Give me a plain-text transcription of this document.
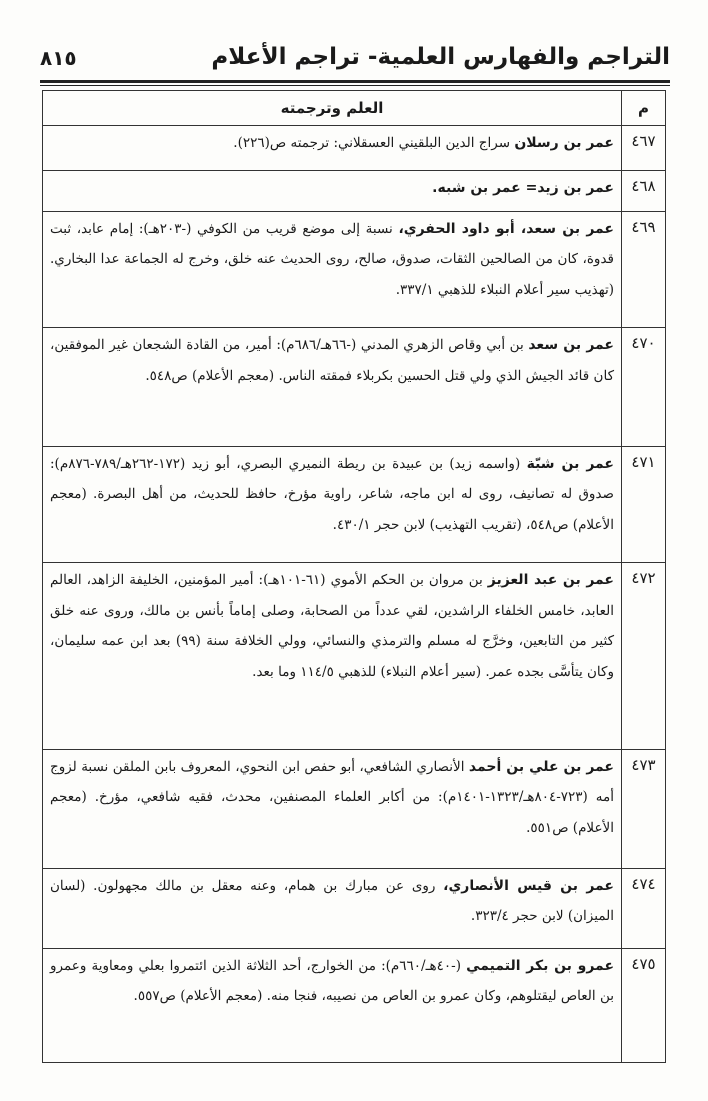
التراجم والفهارس العلمية- تراجم الأعلام
٨١٥
م	العلم وترجمته
٤٦٧	عمر بن رسلان سراج الدين البلقيني العسقلاني: ترجمته ص(٢٢٦).
٤٦٨	عمر بن زيد= عمر بن شبه.
٤٦٩	عمر بن سعد، أبو داود الحفري، نسبة إلى موضع قريب من الكوفي (-٢٠٣هـ): إمام عابد، ثبت قدوة، كان من الصالحين الثقات، صدوق، صالح، روى الحديث عنه خلق، وخرج له الجماعة عدا البخاري. (تهذيب سير أعلام النبلاء للذهبي ٣٣٧/١.
٤٧٠	عمر بن سعد بن أبي وقاص الزهري المدني (-٦٦هـ/٦٨٦م): أمير، من القادة الشجعان غير الموفقين، كان قائد الجيش الذي ولي قتل الحسين بكربلاء فمقته الناس. (معجم الأعلام) ص٥٤٨.
٤٧١	عمر بن شبّة (واسمه زيد) بن عبيدة بن ريطة النميري البصري، أبو زيد (١٧٢-٢٦٢هـ/٧٨٩-٨٧٦م): صدوق له تصانيف، روى له ابن ماجه، شاعر، راوية مؤرخ، حافظ للحديث، من أهل البصرة. (معجم الأعلام) ص٥٤٨، (تقريب التهذيب) لابن حجر ٤٣٠/١.
٤٧٢	عمر بن عبد العزيز بن مروان بن الحكم الأموي (٦١-١٠١هـ): أمير المؤمنين، الخليفة الزاهد، العالم العابد، خامس الخلفاء الراشدين، لقي عدداً من الصحابة، وصلى إماماً بأنس بن مالك، وروى عنه خلق كثير من التابعين، وخرَّج له مسلم والترمذي والنسائي، وولي الخلافة سنة (٩٩) بعد ابن عمه سليمان، وكان يتأسَّى بجده عمر. (سير أعلام النبلاء) للذهبي ١١٤/٥ وما بعد.
٤٧٣	عمر بن علي بن أحمد الأنصاري الشافعي، أبو حفص ابن النحوي، المعروف بابن الملقن نسبة لزوج أمه (٧٢٣-٨٠٤هـ/١٣٢٣-١٤٠١م): من أكابر العلماء المصنفين، محدث، فقيه شافعي، مؤرخ. (معجم الأعلام) ص٥٥١.
٤٧٤	عمر بن قيس الأنصاري، روى عن مبارك بن همام، وعنه معقل بن مالك مجهولون. (لسان الميزان) لابن حجر ٣٢٣/٤.
٤٧٥	عمرو بن بكر التميمي (-٤٠هـ/٦٦٠م): من الخوارج، أحد الثلاثة الذين ائتمروا بعلي ومعاوية وعمرو بن العاص ليقتلوهم، وكان عمرو بن العاص من نصيبه، فنجا منه. (معجم الأعلام) ص٥٥٧.
